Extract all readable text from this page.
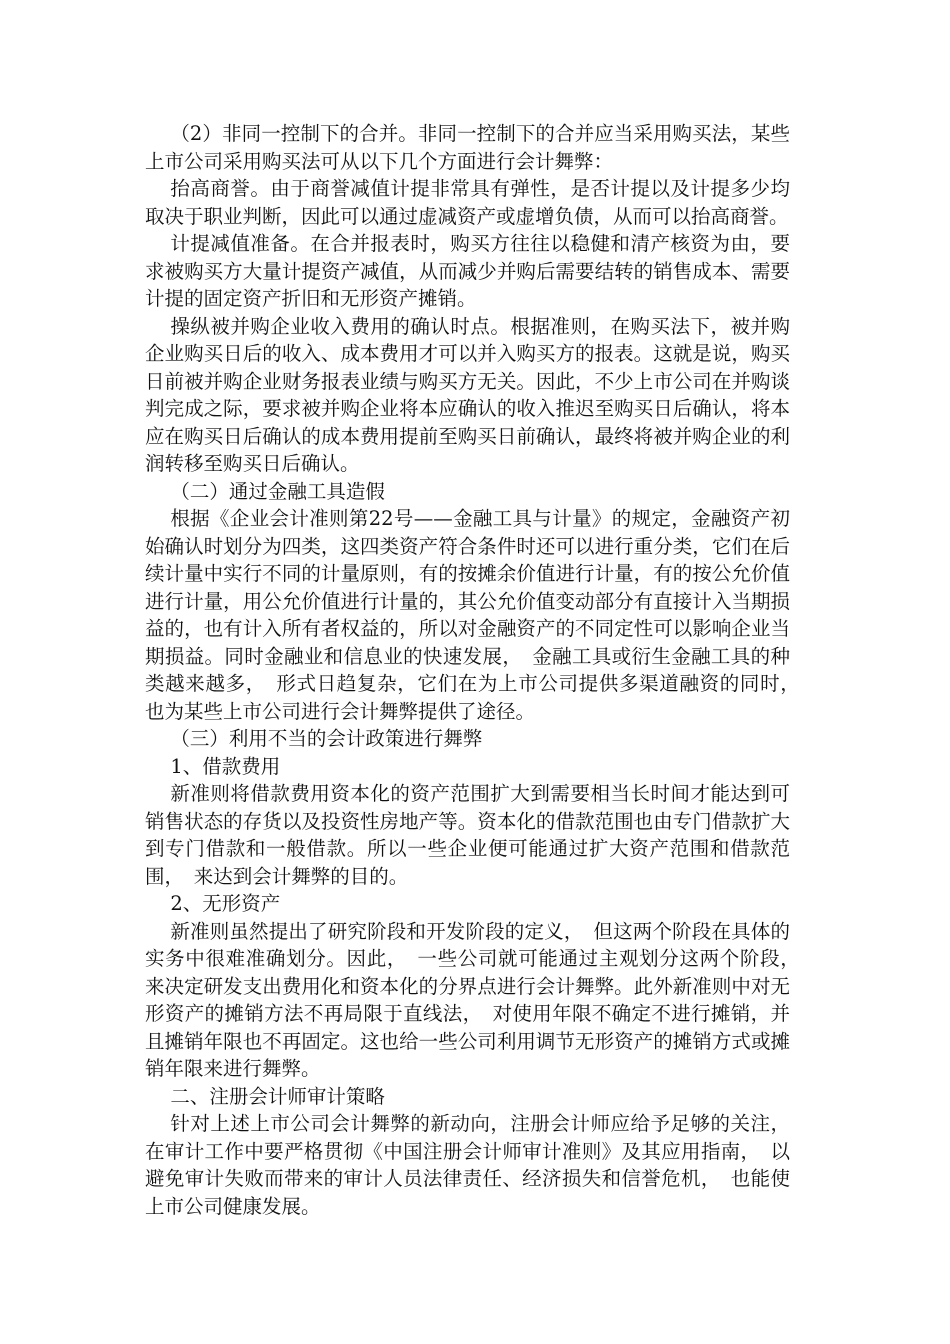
（2）非同一控制下的合并。非同一控制下的合并应当采用购买法，某些上市公司采用购买法可从以下几个方面进行会计舞弊：

抬高商誉。由于商誉减值计提非常具有弹性，是否计提以及计提多少均取决于职业判断，因此可以通过虚减资产或虚增负债，从而可以抬高商誉。

计提减值准备。在合并报表时，购买方往往以稳健和清产核资为由，要求被购买方大量计提资产减值，从而减少并购后需要结转的销售成本、需要计提的固定资产折旧和无形资产摊销。

操纵被并购企业收入费用的确认时点。根据准则，在购买法下，被并购企业购买日后的收入、成本费用才可以并入购买方的报表。这就是说，购买日前被并购企业财务报表业绩与购买方无关。因此，不少上市公司在并购谈判完成之际，要求被并购企业将本应确认的收入推迟至购买日后确认，将本应在购买日后确认的成本费用提前至购买日前确认，最终将被并购企业的利润转移至购买日后确认。

（二）通过金融工具造假

根据《企业会计准则第22号——金融工具与计量》的规定，金融资产初始确认时划分为四类，这四类资产符合条件时还可以进行重分类，它们在后续计量中实行不同的计量原则，有的按摊余价值进行计量，有的按公允价值进行计量，用公允价值进行计量的，其公允价值变动部分有直接计入当期损益的，也有计入所有者权益的，所以对金融资产的不同定性可以影响企业当期损益。同时金融业和信息业的快速发展，　金融工具或衍生金融工具的种类越来越多，　形式日趋复杂，它们在为上市公司提供多渠道融资的同时，　也为某些上市公司进行会计舞弊提供了途径。

（三）利用不当的会计政策进行舞弊

1、借款费用

新准则将借款费用资本化的资产范围扩大到需要相当长时间才能达到可销售状态的存货以及投资性房地产等。资本化的借款范围也由专门借款扩大到专门借款和一般借款。所以一些企业便可能通过扩大资产范围和借款范围，　来达到会计舞弊的目的。

2、无形资产

新准则虽然提出了研究阶段和开发阶段的定义，　但这两个阶段在具体的实务中很难准确划分。因此，　一些公司就可能通过主观划分这两个阶段，　来决定研发支出费用化和资本化的分界点进行会计舞弊。此外新准则中对无形资产的摊销方法不再局限于直线法，　对使用年限不确定不进行摊销，并且摊销年限也不再固定。这也给一些公司利用调节无形资产的摊销方式或摊销年限来进行舞弊。

二、注册会计师审计策略

针对上述上市公司会计舞弊的新动向，注册会计师应给予足够的关注，在审计工作中要严格贯彻《中国注册会计师审计准则》及其应用指南，　以避免审计失败而带来的审计人员法律责任、经济损失和信誉危机，　也能使上市公司健康发展。
